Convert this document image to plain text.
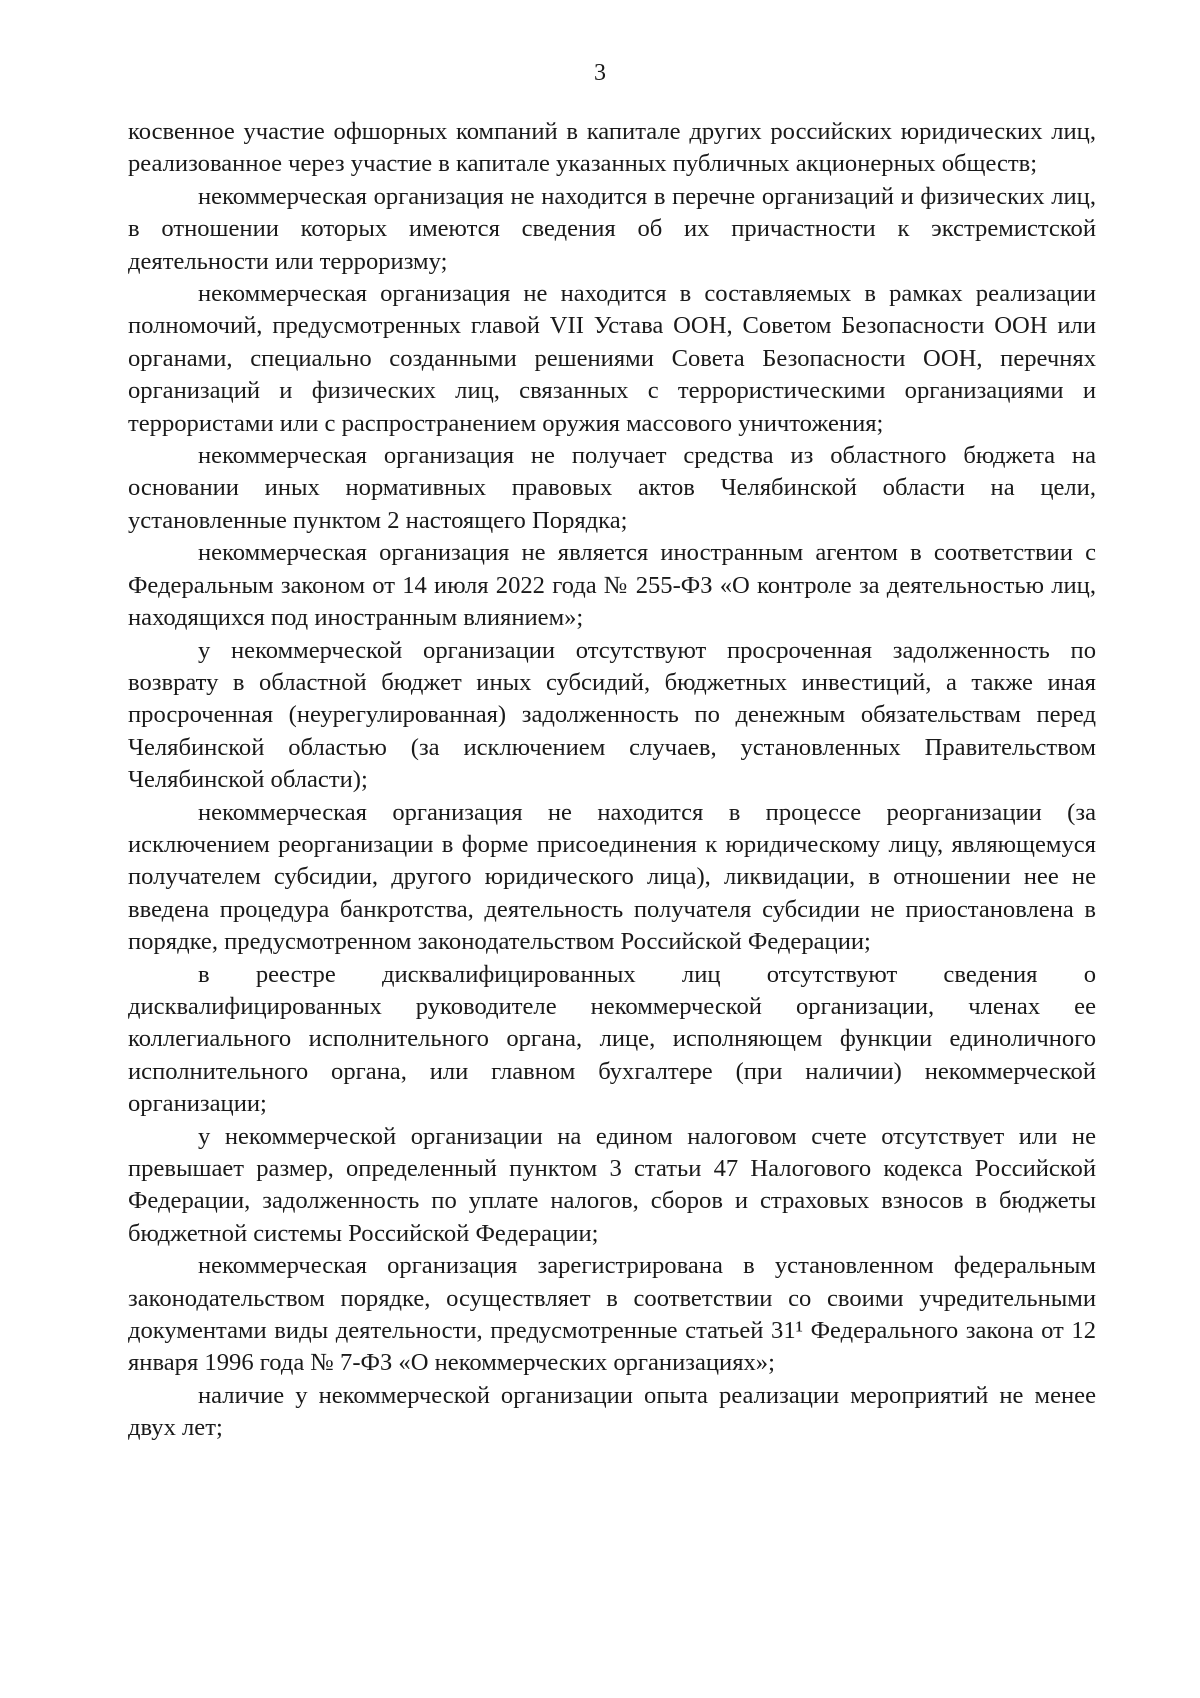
3

косвенное участие офшорных компаний в капитале других российских юридических лиц, реализованное через участие в капитале указанных публичных акционерных обществ;

некоммерческая организация не находится в перечне организаций и физических лиц, в отношении которых имеются сведения об их причастности к экстремистской деятельности или терроризму;

некоммерческая организация не находится в составляемых в рамках реализации полномочий, предусмотренных главой VII Устава ООН, Советом Безопасности ООН или органами, специально созданными решениями Совета Безопасности ООН, перечнях организаций и физических лиц, связанных с террористическими организациями и террористами или с распространением оружия массового уничтожения;

некоммерческая организация не получает средства из областного бюджета на основании иных нормативных правовых актов Челябинской области на цели, установленные пунктом 2 настоящего Порядка;

некоммерческая организация не является иностранным агентом в соответствии с Федеральным законом от 14 июля 2022 года № 255-ФЗ «О контроле за деятельностью лиц, находящихся под иностранным влиянием»;

у некоммерческой организации отсутствуют просроченная задолженность по возврату в областной бюджет иных субсидий, бюджетных инвестиций, а также иная просроченная (неурегулированная) задолженность по денежным обязательствам перед Челябинской областью (за исключением случаев, установленных Правительством Челябинской области);

некоммерческая организация не находится в процессе реорганизации (за исключением реорганизации в форме присоединения к юридическому лицу, являющемуся получателем субсидии, другого юридического лица), ликвидации, в отношении нее не введена процедура банкротства, деятельность получателя субсидии не приостановлена в порядке, предусмотренном законодательством Российской Федерации;

в реестре дисквалифицированных лиц отсутствуют сведения о дисквалифицированных руководителе некоммерческой организации, членах ее коллегиального исполнительного органа, лице, исполняющем функции единоличного исполнительного органа, или главном бухгалтере (при наличии) некоммерческой организации;

у некоммерческой организации на едином налоговом счете отсутствует или не превышает размер, определенный пунктом 3 статьи 47 Налогового кодекса Российской Федерации, задолженность по уплате налогов, сборов и страховых взносов в бюджеты бюджетной системы Российской Федерации;

некоммерческая организация зарегистрирована в установленном федеральным законодательством порядке, осуществляет в соответствии со своими учредительными документами виды деятельности, предусмотренные статьей 31¹ Федерального закона от 12 января 1996 года № 7-ФЗ «О некоммерческих организациях»;

наличие у некоммерческой организации опыта реализации мероприятий не менее двух лет;
